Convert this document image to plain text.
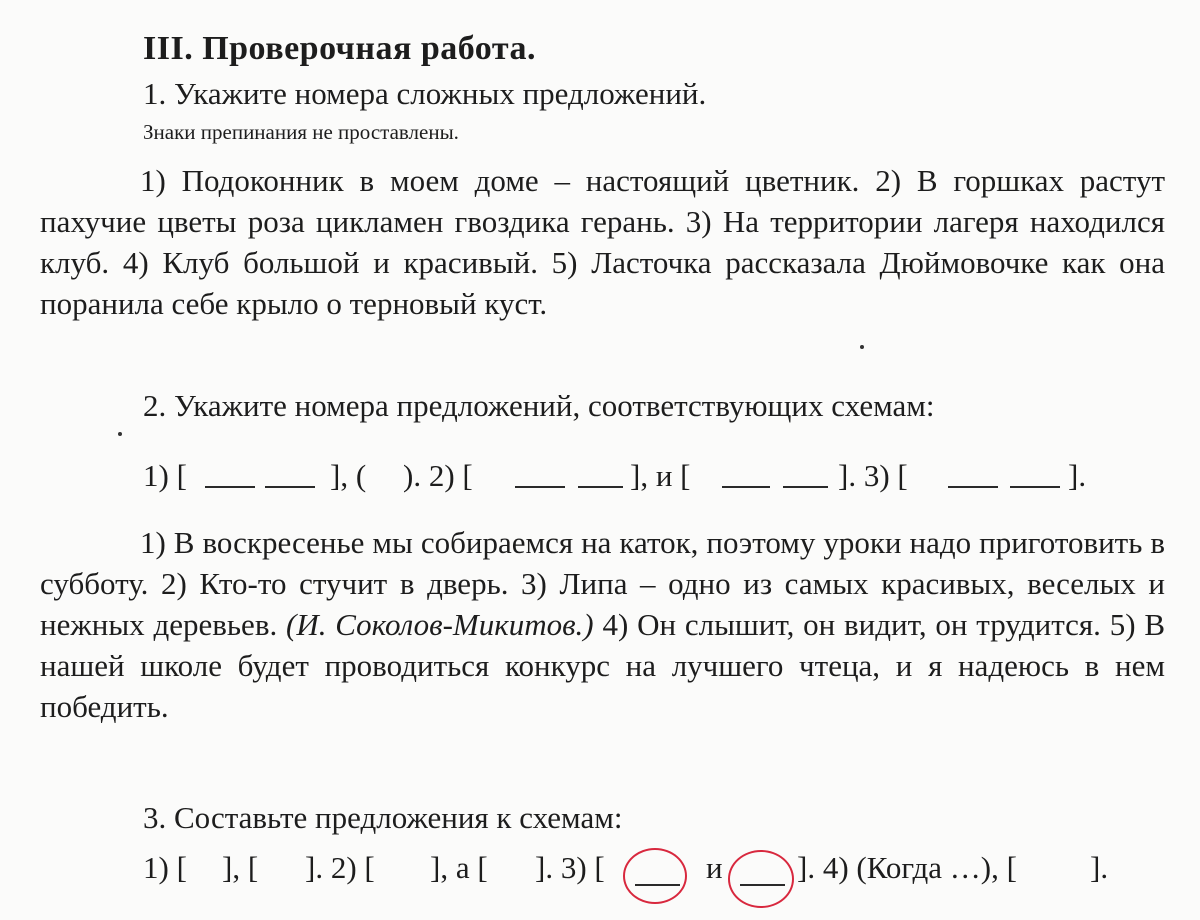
III. Проверочная работа.
1. Укажите номера сложных предложений.
Знаки препинания не проставлены.

1) Подоконник в моем доме – настоящий цветник. 2) В горшках растут пахучие цветы роза цикламен гвоздика герань. 3) На территории лагеря находился клуб. 4) Клуб большой и красивый. 5) Ласточка рассказала Дюймовочке как она поранила себе крыло о терновый куст.

2. Укажите номера предложений, соответствующих схемам:
1) [	], ( ). 2) [	], и [	]. 3) [	].

1) В воскресенье мы собираемся на каток, поэтому уроки надо приготовить в субботу. 2) Кто-то стучит в дверь. 3) Липа – одно из самых красивых, веселых и нежных деревьев. (И. Соколов-Микитов.) 4) Он слышит, он видит, он трудится. 5) В нашей школе будет проводиться конкурс на лучшего чтеца, и я надеюсь в нем победить.

3. Составьте предложения к схемам:
1) [ ], [ ]. 2) [ ], а [ ]. 3) [	и ]. 4) (Когда …), [ ].
